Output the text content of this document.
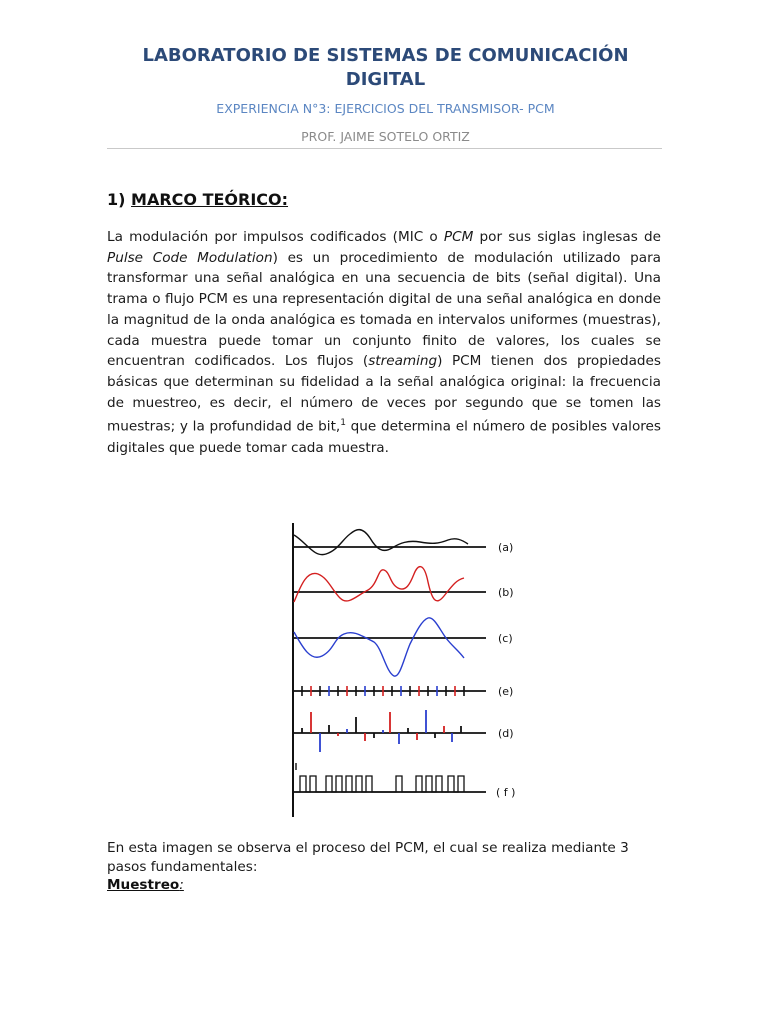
LABORATORIO DE SISTEMAS DE COMUNICACIÓN
DIGITAL
EXPERIENCIA N°3: EJERCICIOS DEL TRANSMISOR- PCM
PROF. JAIME SOTELO ORTIZ
1) MARCO TEÓRICO:
La modulación por impulsos codificados (MIC o PCM por sus siglas inglesas de Pulse Code Modulation) es un procedimiento de modulación utilizado para transformar una señal analógica en una secuencia de bits (señal digital). Una trama o flujo PCM es una representación digital de una señal analógica en donde la magnitud de la onda analógica es tomada en intervalos uniformes (muestras), cada muestra puede tomar un conjunto finito de valores, los cuales se encuentran codificados. Los flujos (streaming) PCM tienen dos propiedades básicas que determinan su fidelidad a la señal analógica original: la frecuencia de muestreo, es decir, el número de veces por segundo que se tomen las muestras; y la profundidad de bit,$^1$ que determina el número de posibles valores digitales que puede tomar cada muestra.
(a)
(b)
(c)
(e)
(d)
( f )
En esta imagen se observa el proceso del PCM, el cual se realiza mediante 3 pasos fundamentales:
Muestreo:
